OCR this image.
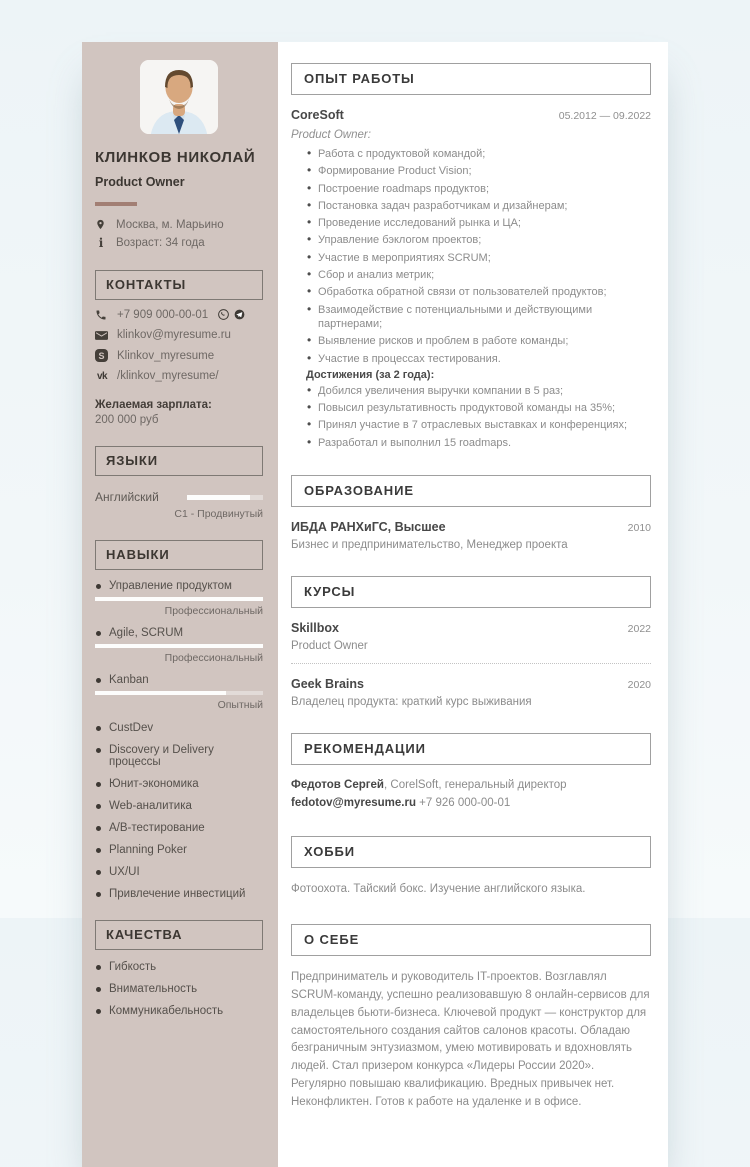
КЛИНКОВ НИКОЛАЙ
Product Owner
Москва, м. Марьино
i	Возраст: 34 года
КОНТАКТЫ
+7 909 000-00-01
klinkov@myresume.ru
S	Klinkov_myresume
vk /klinkov_myresume/
Желаемая зарплата:
200 000 руб
ЯЗЫКИ
Английский
C1 - Продвинутый
НАВЫКИ
Управление продуктом
Профессиональный
Agile, SCRUM
Профессиональный
Kanban
Опытный
CustDev
Discovery и Delivery процессы
Юнит-экономика
Web-аналитика
A/B-тестирование
Planning Poker
UX/UI
Привлечение инвестиций
КАЧЕСТВА
Гибкость
Внимательность
Коммуникабельность
ОПЫТ РАБОТЫ
CoreSoft	05.2012 — 09.2022
Product Owner:
• Работа с продуктовой командой;
• Формирование Product Vision;
• Построение roadmaps продуктов;
• Постановка задач разработчикам и дизайнерам;
• Проведение исследований рынка и ЦА;
• Управление бэклогом проектов;
• Участие в мероприятиях SCRUM;
• Сбор и анализ метрик;
• Обработка обратной связи от пользователей продуктов;
• Взаимодействие с потенциальными и действующими партнерами;
• Выявление рисков и проблем в работе команды;
• Участие в процессах тестирования.
Достижения (за 2 года):
• Добился увеличения выручки компании в 5 раз;
• Повысил результативность продуктовой команды на 35%;
• Принял участие в 7 отраслевых выставках и конференциях;
• Разработал и выполнил 15 roadmaps.
ОБРАЗОВАНИЕ
ИБДА РАНХиГС, Высшее	2010
Бизнес и предпринимательство, Менеджер проекта
КУРСЫ
Skillbox	2022
Product Owner
Geek Brains	2020
Владелец продукта: краткий курс выживания
РЕКОМЕНДАЦИИ
Федотов Сергей, CorelSoft, генеральный директор
fedotov@myresume.ru +7 926 000-00-01
ХОББИ
Фотоохота. Тайский бокс. Изучение английского языка.
О СЕБЕ
Предприниматель и руководитель IT-проектов. Возглавлял SCRUM-команду, успешно реализовавшую 8 онлайн-сервисов для владельцев бьюти-бизнеса. Ключевой продукт — конструктор для самостоятельного создания сайтов салонов красоты. Обладаю безграничным энтузиазмом, умею мотивировать и вдохновлять людей. Стал призером конкурса «Лидеры России 2020». Регулярно повышаю квалификацию. Вредных привычек нет. Неконфликтен. Готов к работе на удаленке и в офисе.
